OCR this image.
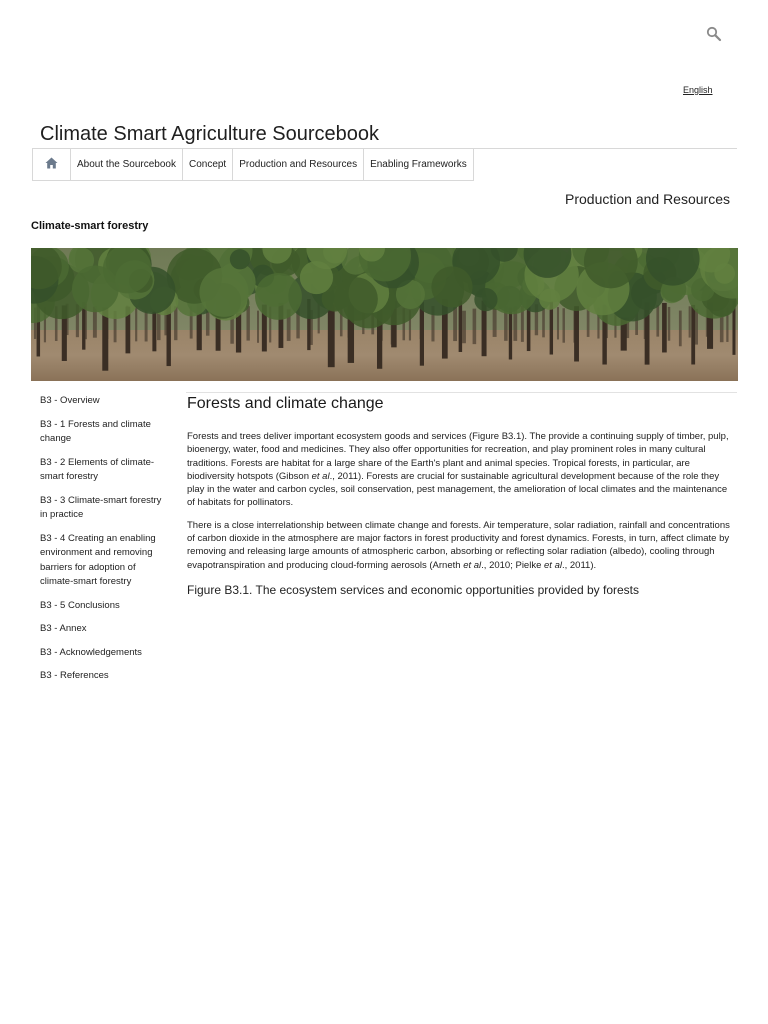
English
Climate Smart Agriculture Sourcebook
About the Sourcebook	Concept	Production and Resources	Enabling Frameworks
Production and Resources
Climate-smart forestry
B3 - Overview
B3 - 1 Forests and climate change
B3 - 2 Elements of climate-smart forestry
B3 - 3 Climate-smart forestry in practice
B3 - 4 Creating an enabling environment and removing barriers for adoption of climate-smart forestry
B3 - 5 Conclusions
B3 - Annex
B3 - Acknowledgements
B3 - References
Forests and climate change

Forests and trees deliver important ecosystem goods and services (Figure B3.1). The provide a continuing supply of timber, pulp, bioenergy, water, food and medicines. They also offer opportunities for recreation, and play prominent roles in many cultural traditions. Forests are habitat for a large share of the Earth's plant and animal species. Tropical forests, in particular, are biodiversity hotspots (Gibson et al., 2011). Forests are crucial for sustainable agricultural development because of the role they play in the water and carbon cycles, soil conservation, pest management, the amelioration of local climates and the maintenance of habitats for pollinators.

There is a close interrelationship between climate change and forests. Air temperature, solar radiation, rainfall and concentrations of carbon dioxide in the atmosphere are major factors in forest productivity and forest dynamics. Forests, in turn, affect climate by removing and releasing large amounts of atmospheric carbon, absorbing or reflecting solar radiation (albedo), cooling through evapotranspiration and producing cloud-forming aerosols (Arneth et al., 2010; Pielke et al., 2011).

Figure B3.1. The ecosystem services and economic opportunities provided by forests
